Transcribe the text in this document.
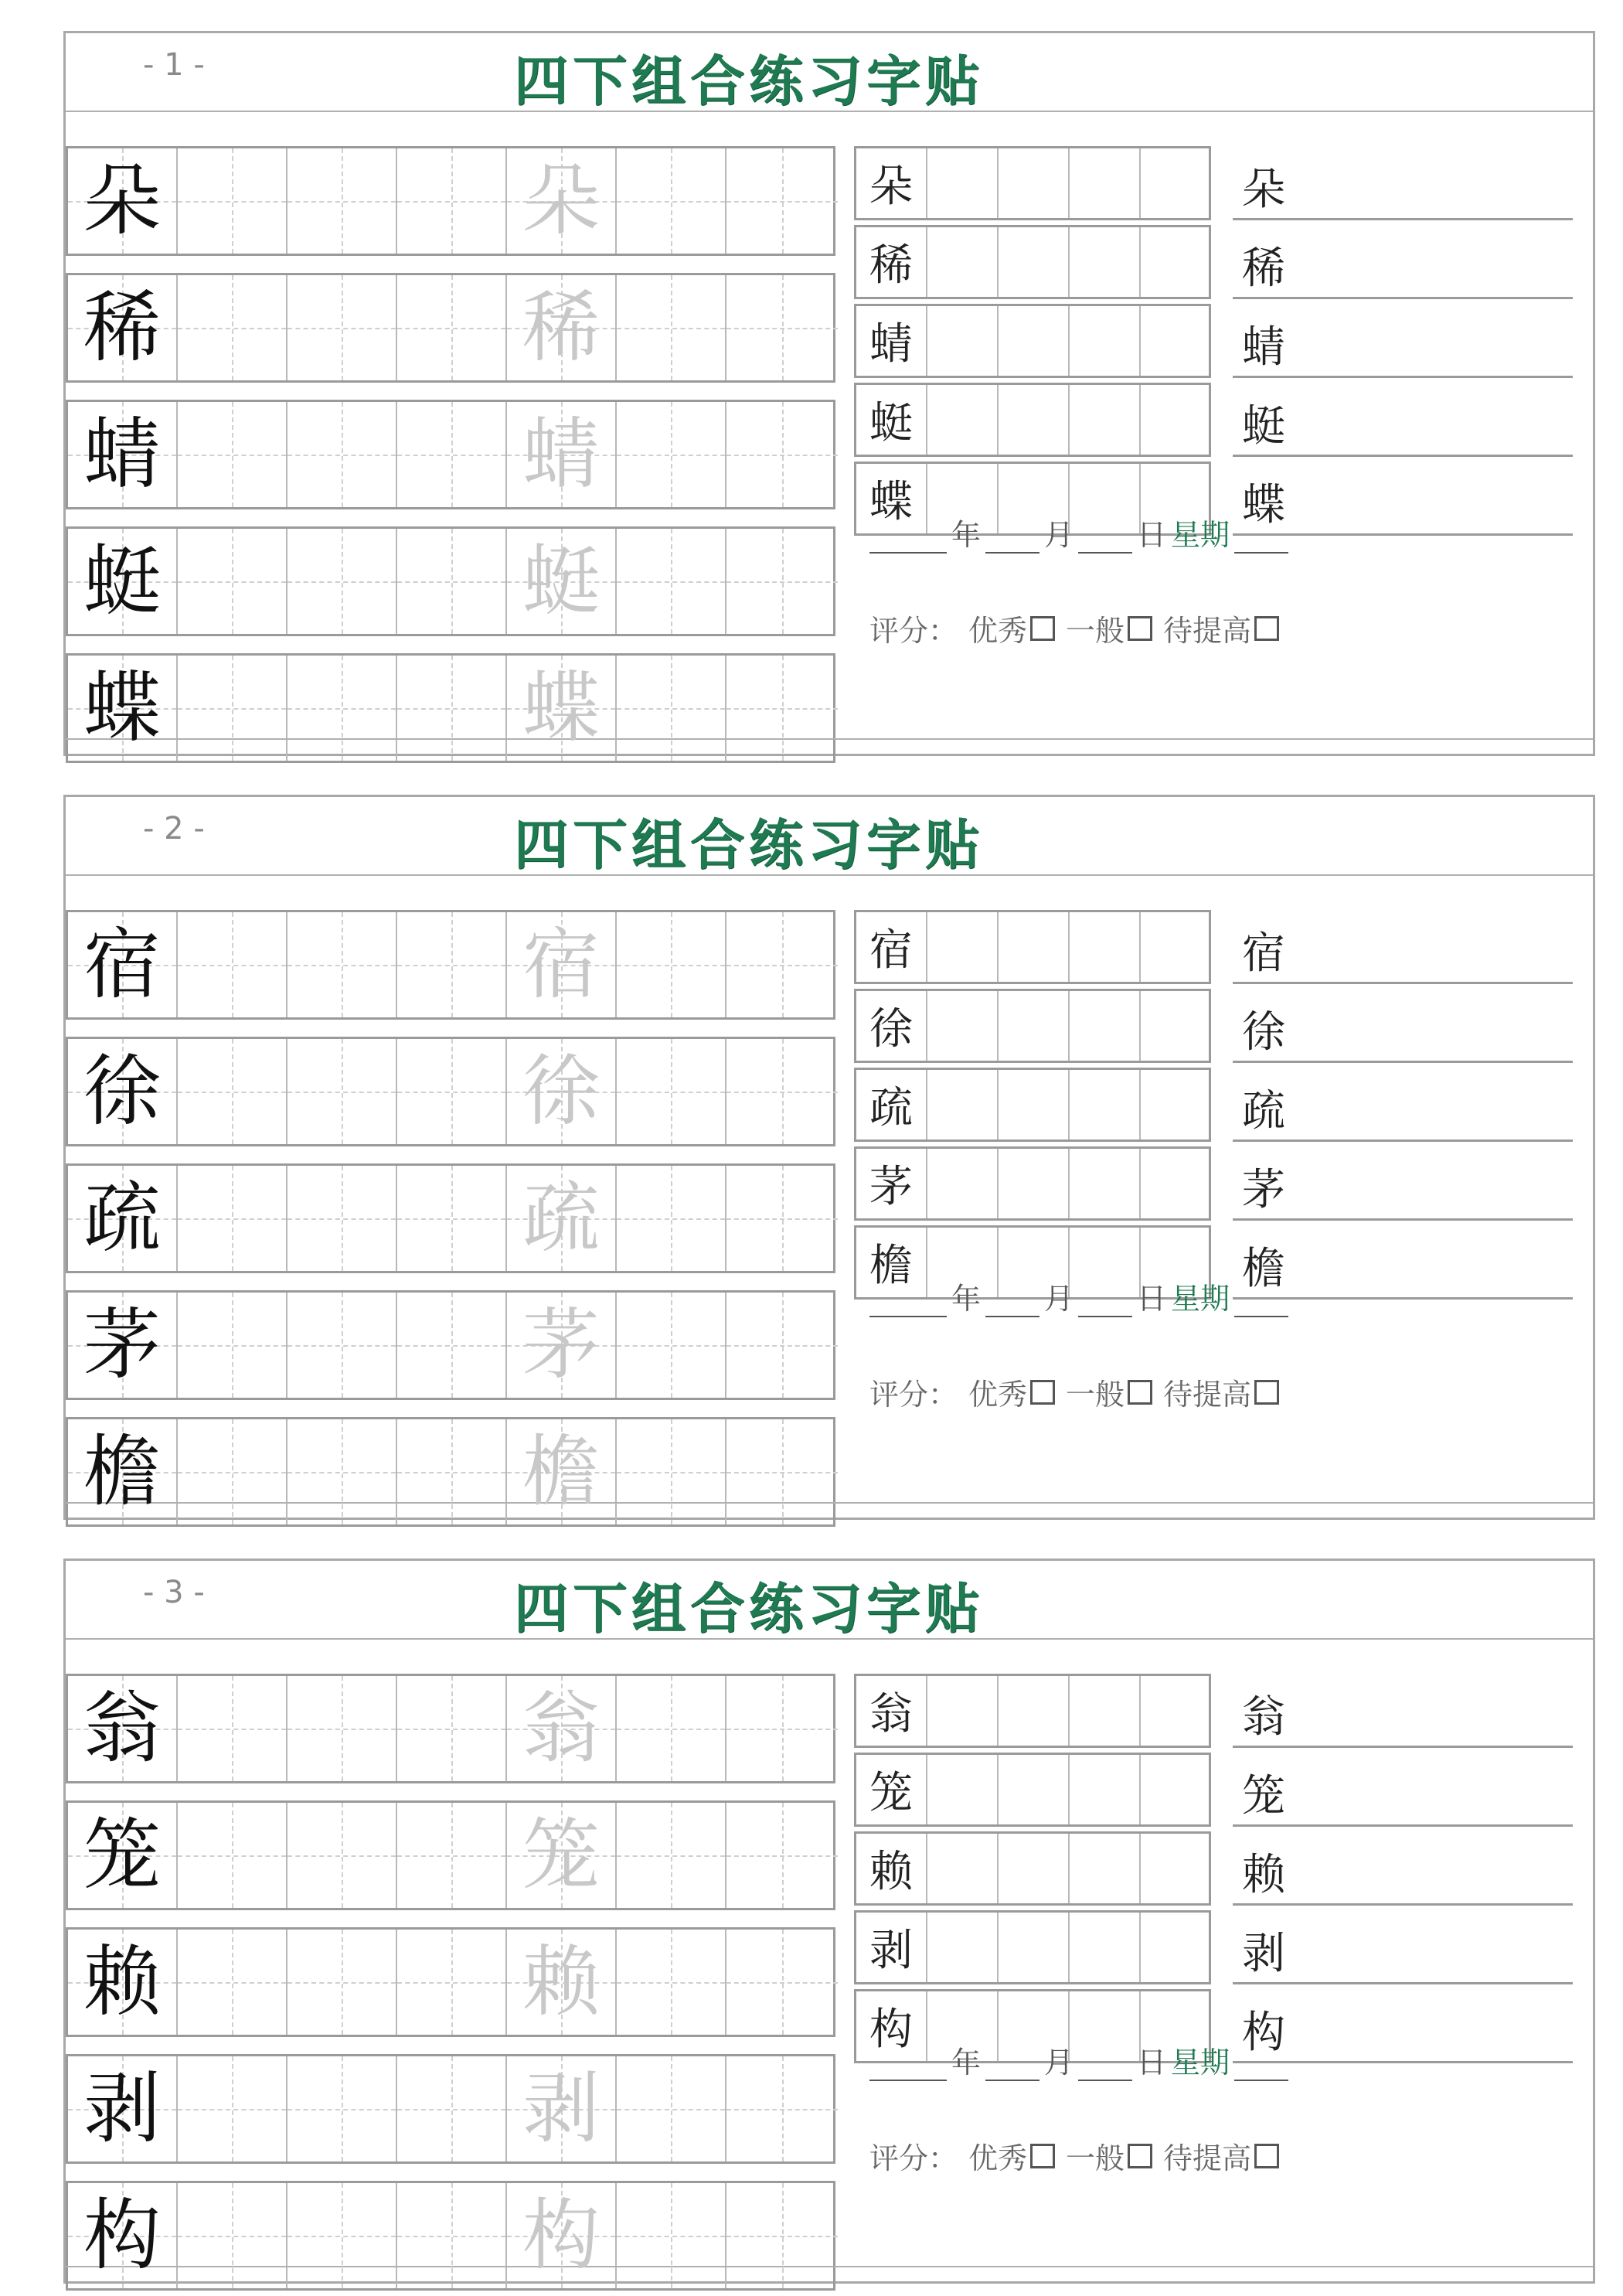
- 1 -	四下组合练习字贴
朵	朵
稀	稀
蜻	蜻
蜓	蜓
蝶	蝶
朵
稀
蜻
蜓
蝶
朵
稀
蜻
蜓
蝶
年 月 日 星期
评分： 优秀 一般 待提高
- 2 -	四下组合练习字贴
宿	宿
徐	徐
疏	疏
茅	茅
檐	檐
宿
徐
疏
茅
檐
宿
徐
疏
茅
檐
年 月 日 星期
评分： 优秀 一般 待提高
- 3 -	四下组合练习字贴
翁	翁
笼	笼
赖	赖
剥	剥
构	构
翁
笼
赖
剥
构
翁
笼
赖
剥
构
年 月 日 星期
评分： 优秀 一般 待提高
